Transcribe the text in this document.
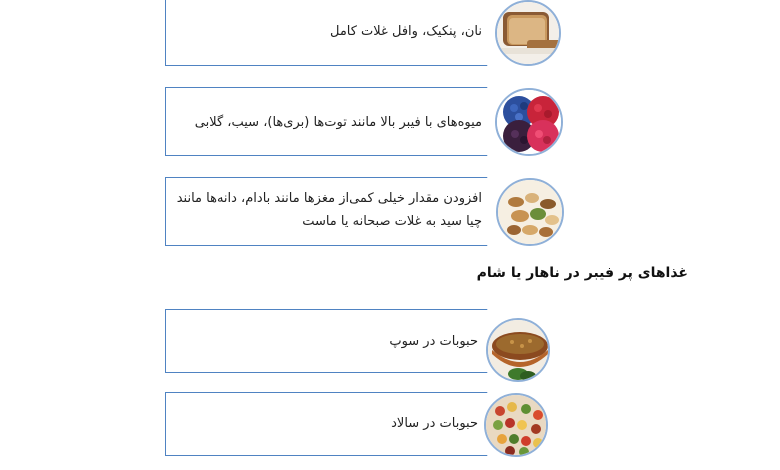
نان، پنکیک، وافل غلات کامل
میوه‌های با فیبر بالا مانند توت‌ها (بری‌ها)، سیب، گلابی
افزودن مقدار خیلی کمی‌از مغزها مانند بادام، دانه‌ها مانند
چیا سید به غلات صبحانه یا ماست
غذاهای پر فیبر در ناهار یا شام
حبوبات در سوپ
حبوبات در سالاد
